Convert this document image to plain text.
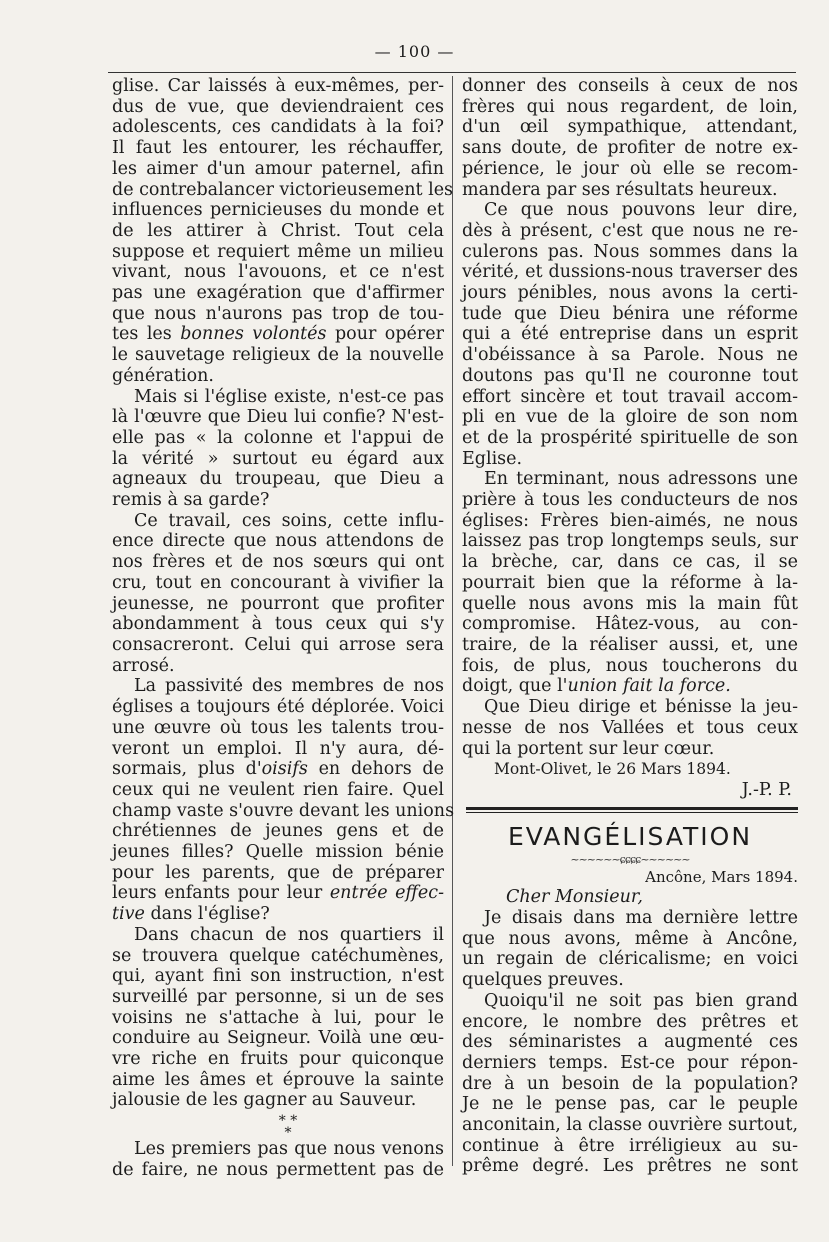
— 100 —
glise. Car laissés à eux-mêmes, per-
dus de vue, que deviendraient ces
adolescents, ces candidats à la foi?
Il faut les entourer, les réchauffer,
les aimer d'un amour paternel, afin
de contrebalancer victorieusement les
influences pernicieuses du monde et
de les attirer à Christ. Tout cela
suppose et requiert même un milieu
vivant, nous l'avouons, et ce n'est
pas une exagération que d'affirmer
que nous n'aurons pas trop de tou-
tes les bonnes volontés pour opérer
le sauvetage religieux de la nouvelle
génération.
Mais si l'église existe, n'est-ce pas
là l'œuvre que Dieu lui confie? N'est-
elle pas « la colonne et l'appui de
la vérité » surtout eu égard aux
agneaux du troupeau, que Dieu a
remis à sa garde?
Ce travail, ces soins, cette influ-
ence directe que nous attendons de
nos frères et de nos sœurs qui ont
cru, tout en concourant à vivifier la
jeunesse, ne pourront que profiter
abondamment à tous ceux qui s'y
consacreront. Celui qui arrose sera
arrosé.
La passivité des membres de nos
églises a toujours été déplorée. Voici
une œuvre où tous les talents trou-
veront un emploi. Il n'y aura, dé-
sormais, plus d'oisifs en dehors de
ceux qui ne veulent rien faire. Quel
champ vaste s'ouvre devant les unions
chrétiennes de jeunes gens et de
jeunes filles? Quelle mission bénie
pour les parents, que de préparer
leurs enfants pour leur entrée effec-
tive dans l'église?
Dans chacun de nos quartiers il
se trouvera quelque catéchumènes,
qui, ayant fini son instruction, n'est
surveillé par personne, si un de ses
voisins ne s'attache à lui, pour le
conduire au Seigneur. Voilà une œu-
vre riche en fruits pour quiconque
aime les âmes et éprouve la sainte
jalousie de les gagner au Sauveur.
* *
*
Les premiers pas que nous venons
de faire, ne nous permettent pas de
donner des conseils à ceux de nos
frères qui nous regardent, de loin,
d'un œil sympathique, attendant,
sans doute, de profiter de notre ex-
périence, le jour où elle se recom-
mandera par ses résultats heureux.
Ce que nous pouvons leur dire,
dès à présent, c'est que nous ne re-
culerons pas. Nous sommes dans la
vérité, et dussions-nous traverser des
jours pénibles, nous avons la certi-
tude que Dieu bénira une réforme
qui a été entreprise dans un esprit
d'obéissance à sa Parole. Nous ne
doutons pas qu'Il ne couronne tout
effort sincère et tout travail accom-
pli en vue de la gloire de son nom
et de la prospérité spirituelle de son
Eglise.
En terminant, nous adressons une
prière à tous les conducteurs de nos
églises: Frères bien-aimés, ne nous
laissez pas trop longtemps seuls, sur
la brèche, car, dans ce cas, il se
pourrait bien que la réforme à la-
quelle nous avons mis la main fût
compromise. Hâtez-vous, au con-
traire, de la réaliser aussi, et, une
fois, de plus, nous toucherons du
doigt, que l'union fait la force.
Que Dieu dirige et bénisse la jeu-
nesse de nos Vallées et tous ceux
qui la portent sur leur cœur.
Mont-Olivet, le 26 Mars 1894.
J.-P. P.
EVANGÉLISATION
~~~~~~ɕɕɕɕ~~~~~~
Ancône, Mars 1894.
Cher Monsieur,
Je disais dans ma dernière lettre
que nous avons, même à Ancône,
un regain de cléricalisme; en voici
quelques preuves.
Quoiqu'il ne soit pas bien grand
encore, le nombre des prêtres et
des séminaristes a augmenté ces
derniers temps. Est-ce pour répon-
dre à un besoin de la population?
Je ne le pense pas, car le peuple
anconitain, la classe ouvrière surtout,
continue à être irréligieux au su-
prême degré. Les prêtres ne sont
